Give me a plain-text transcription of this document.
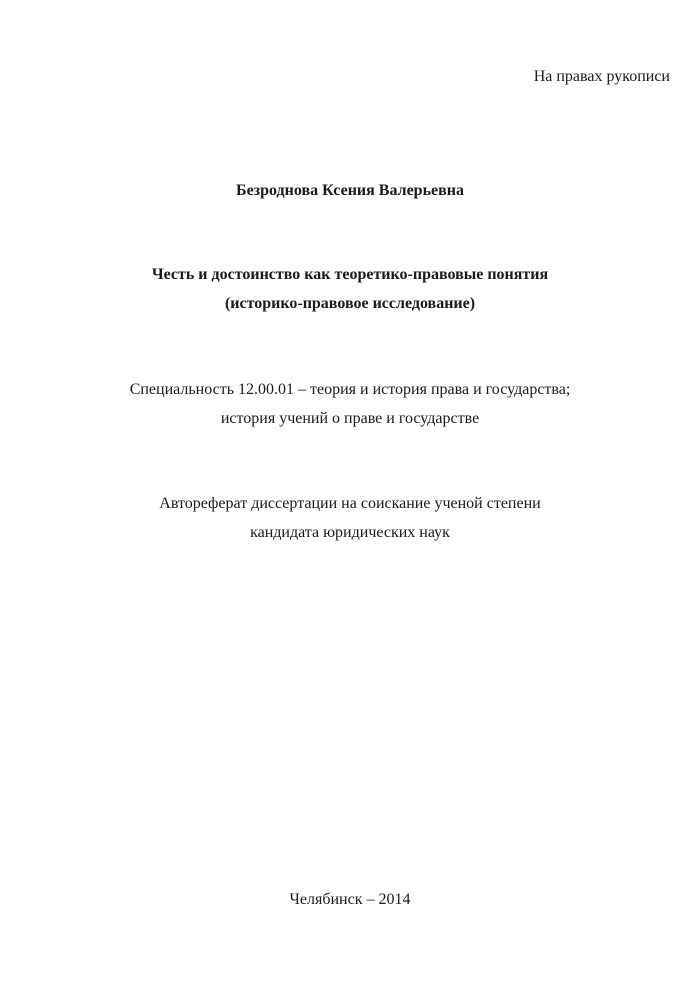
На правах рукописи
Безроднова Ксения Валерьевна
Честь и достоинство как теоретико-правовые понятия
(историко-правовое исследование)
Специальность 12.00.01 – теория и история права и государства;
история учений о праве и государстве
Автореферат диссертации на соискание ученой степени
кандидата юридических наук
Челябинск – 2014
